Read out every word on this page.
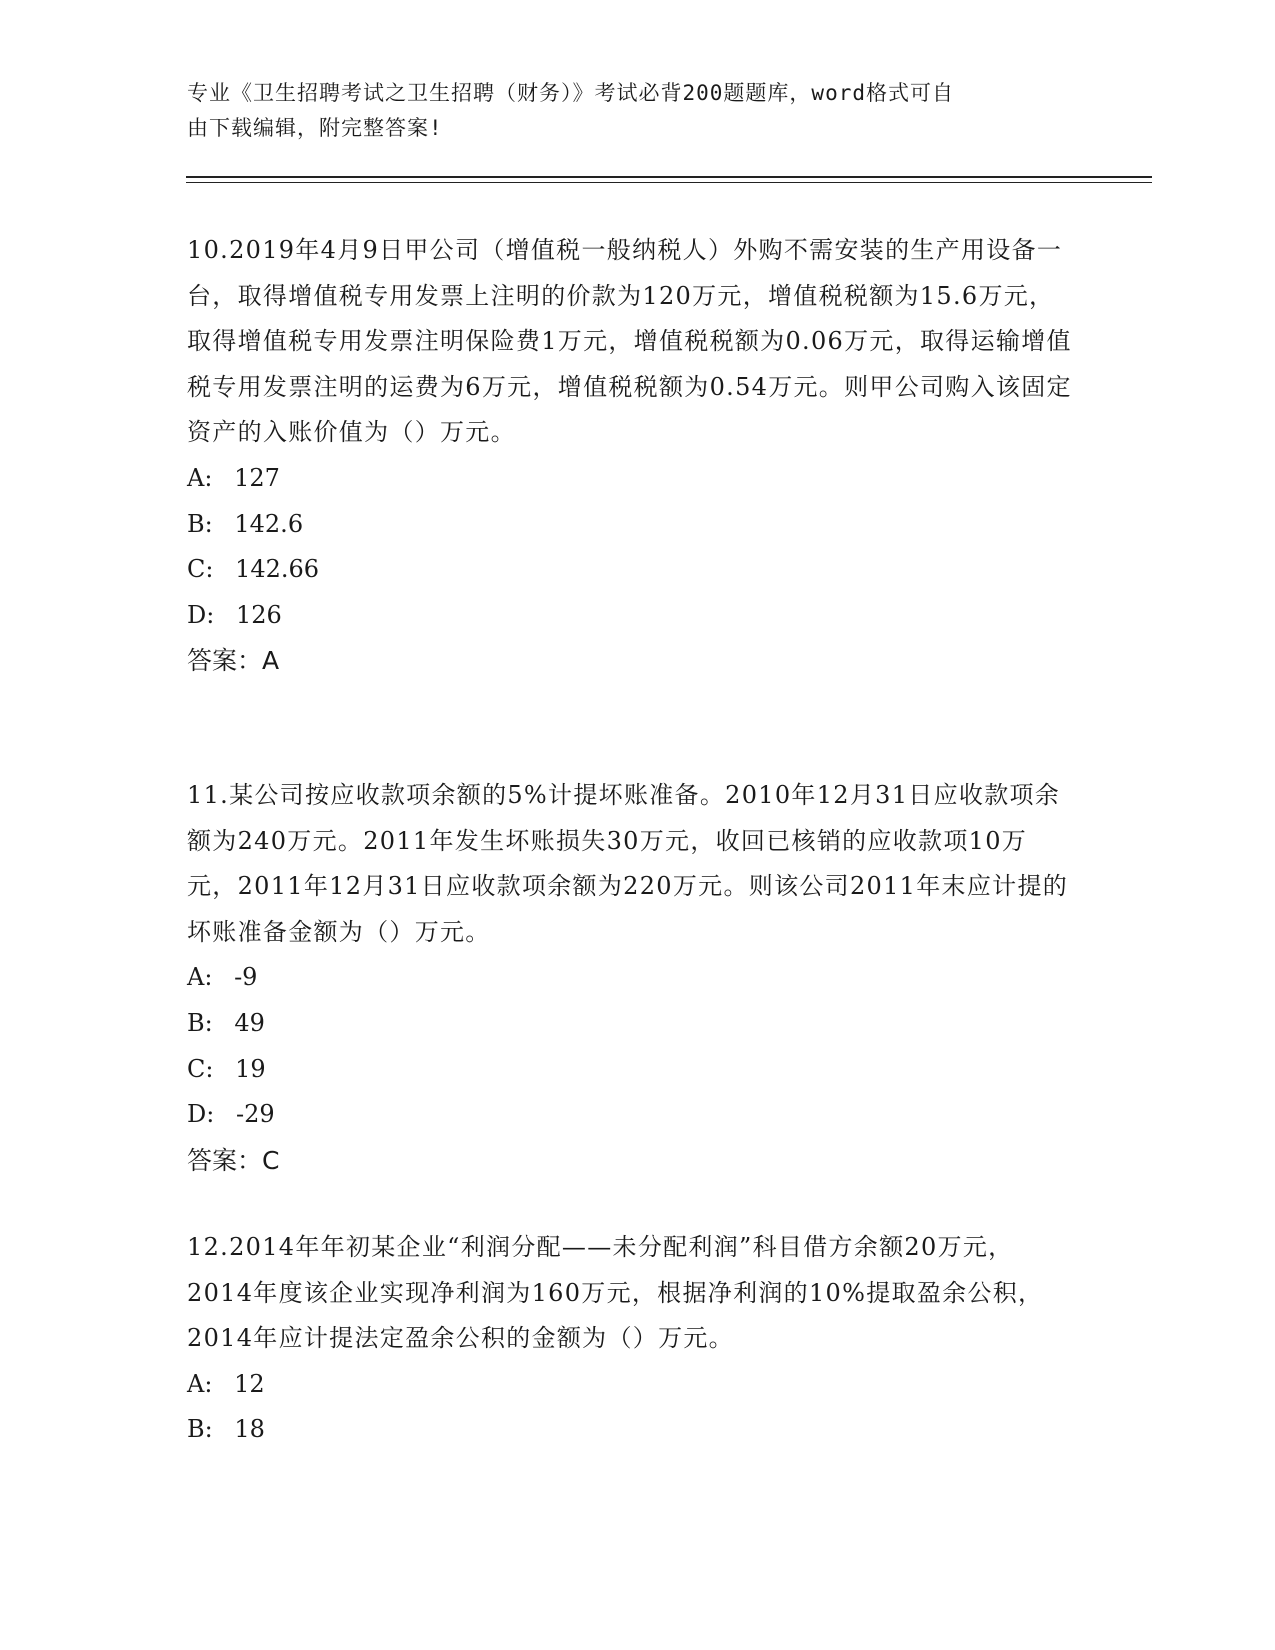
专业《卫生招聘考试之卫生招聘（财务）》考试必背200题题库，word格式可自
由下载编辑，附完整答案!

10.2019年4月9日甲公司（增值税一般纳税人）外购不需安装的生产用设备一台，取得增值税专用发票上注明的价款为120万元，增值税税额为15.6万元，取得增值税专用发票注明保险费1万元，增值税税额为0.06万元，取得运输增值税专用发票注明的运费为6万元，增值税税额为0.54万元。则甲公司购入该固定资产的入账价值为（）万元。

A: 127
B: 142.6
C: 142.66
D: 126
答案：A

11.某公司按应收款项余额的5%计提坏账准备。2010年12月31日应收款项余额为240万元。2011年发生坏账损失30万元，收回已核销的应收款项10万元，2011年12月31日应收款项余额为220万元。则该公司2011年末应计提的坏账准备金额为（）万元。

A: -9
B: 49
C: 19
D: -29
答案：C

12.2014年年初某企业“利润分配——未分配利润”科目借方余额20万元，2014年度该企业实现净利润为160万元，根据净利润的10%提取盈余公积，2014年应计提法定盈余公积的金额为（）万元。

A: 12
B: 18
